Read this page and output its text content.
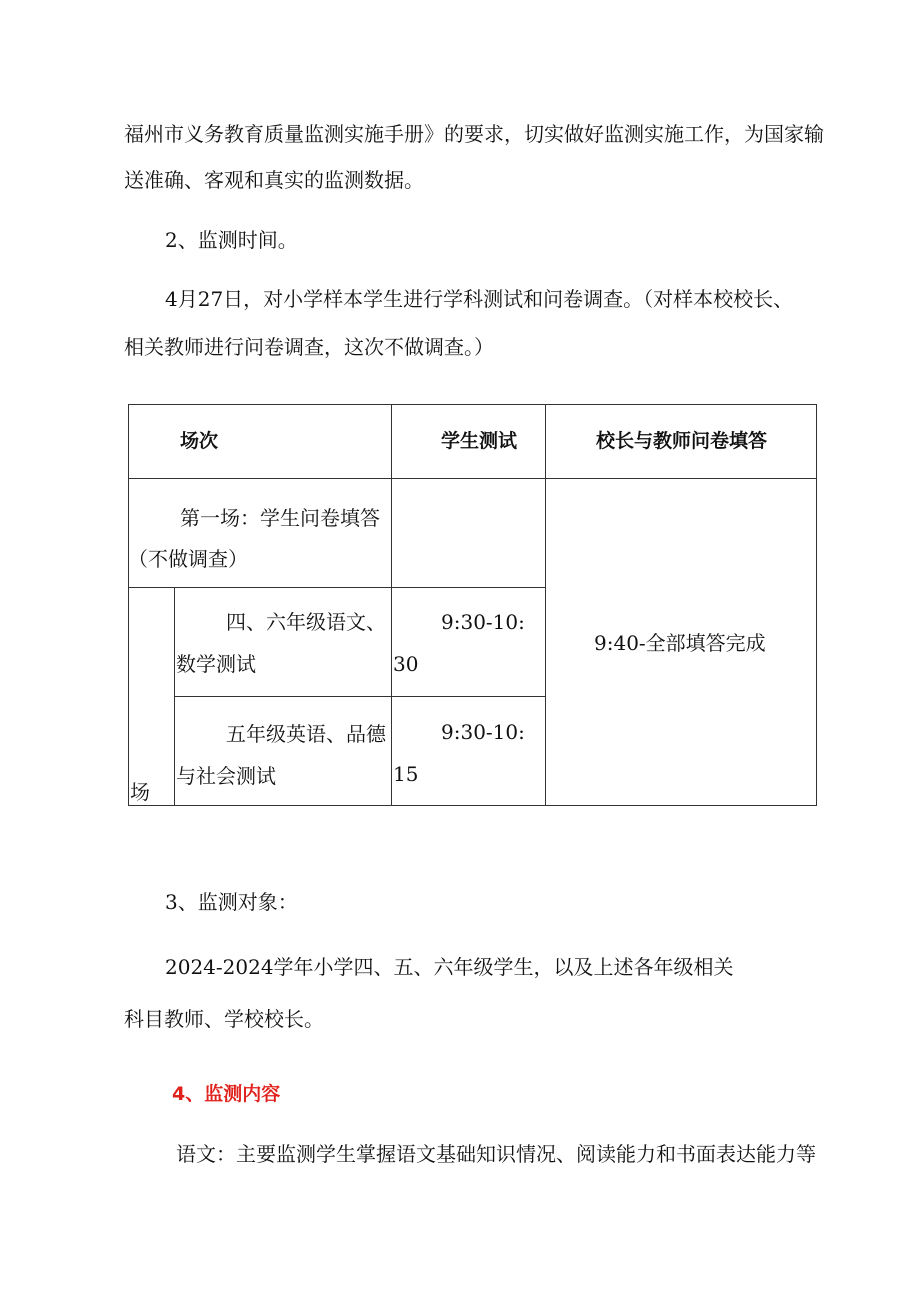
福州市义务教育质量监测实施手册》的要求，切实做好监测实施工作，为国家输
送准确、客观和真实的监测数据。
2、监测时间。
4月27日，对小学样本学生进行学科测试和问卷调查。（对样本校校长、
相关教师进行问卷调查，这次不做调查。）
场次	学生测试	校长与教师问卷填答
第一场：学生问卷填答
（不做调查）
场
四、六年级语文、
数学测试
9:30-10:
30
五年级英语、品德
与社会测试
9:30-10:
15
9:40-全部填答完成
3、监测对象：
2024-2024学年小学四、五、六年级学生，以及上述各年级相关
科目教师、学校校长。
4、监测内容
语文：主要监测学生掌握语文基础知识情况、阅读能力和书面表达能力等
